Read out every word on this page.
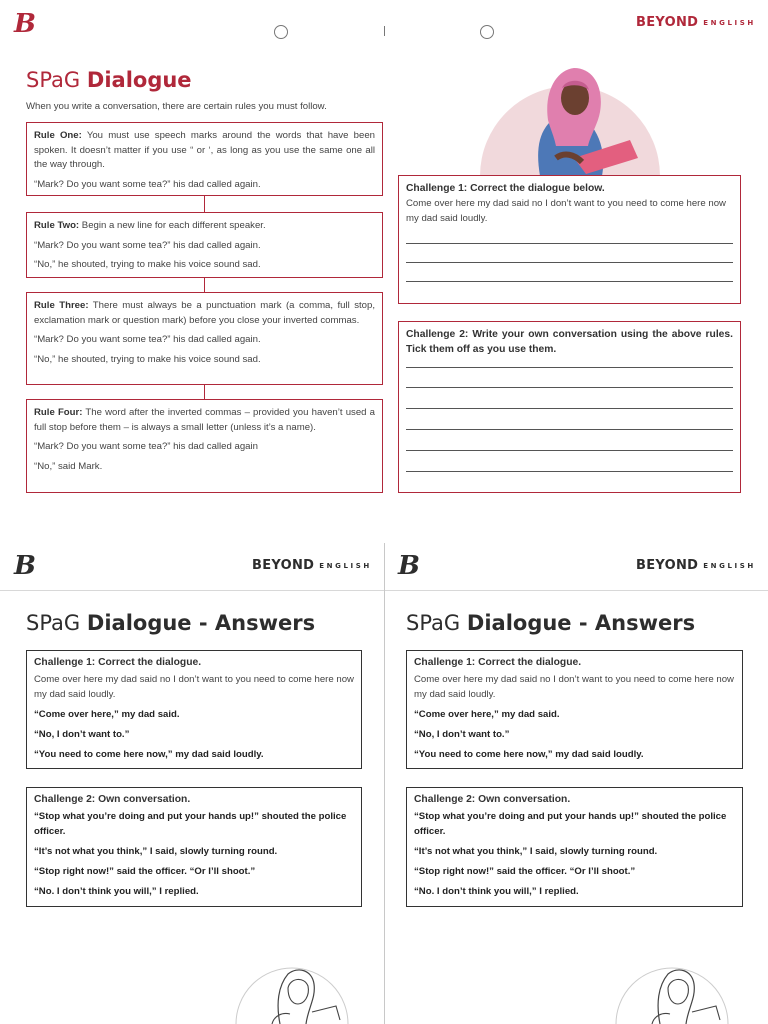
B	BEYOND ENGLISH
SPaG Dialogue
When you write a conversation, there are certain rules you must follow.

Rule One: You must use speech marks around the words that have been spoken. It doesn’t matter if you use “ or ‘, as long as you use the same one all the way through.

“Mark? Do you want some tea?” his dad called again.

Rule Two: Begin a new line for each different speaker.

“Mark? Do you want some tea?” his dad called again.

“No,” he shouted, trying to make his voice sound sad.

Rule Three: There must always be a punctuation mark (a comma, full stop, exclamation mark or question mark) before you close your inverted commas.

“Mark? Do you want some tea?” his dad called again.

“No,” he shouted, trying to make his voice sound sad.

Rule Four: The word after the inverted commas – provided you haven’t used a full stop before them – is always a small letter (unless it’s a name).

“Mark? Do you want some tea?” his dad called again

“No,” said Mark.

Challenge 1: Correct the dialogue below.
Come over here my dad said no I don’t want to you need to come here now my dad said loudly.
Challenge 2: Write your own conversation using the above rules. Tick them off as you use them.
B	BEYOND ENGLISH
SPaG Dialogue - Answers
Challenge 1: Correct the dialogue.

Come over here my dad said no I don’t want to you need to come here now my dad said loudly.

“Come over here,” my dad said.

“No, I don’t want to.”

“You need to come here now,” my dad said loudly.

Challenge 2: Own conversation.

“Stop what you’re doing and put your hands up!” shouted the police officer.

“It’s not what you think,” I said, slowly turning round.

“Stop right now!” said the officer. “Or I’ll shoot.”

“No. I don’t think you will,” I replied.

B	BEYOND ENGLISH
SPaG Dialogue - Answers
Challenge 1: Correct the dialogue.

Come over here my dad said no I don’t want to you need to come here now my dad said loudly.

“Come over here,” my dad said.

“No, I don’t want to.”

“You need to come here now,” my dad said loudly.

Challenge 2: Own conversation.

“Stop what you’re doing and put your hands up!” shouted the police officer.

“It’s not what you think,” I said, slowly turning round.

“Stop right now!” said the officer. “Or I’ll shoot.”

“No. I don’t think you will,” I replied.
